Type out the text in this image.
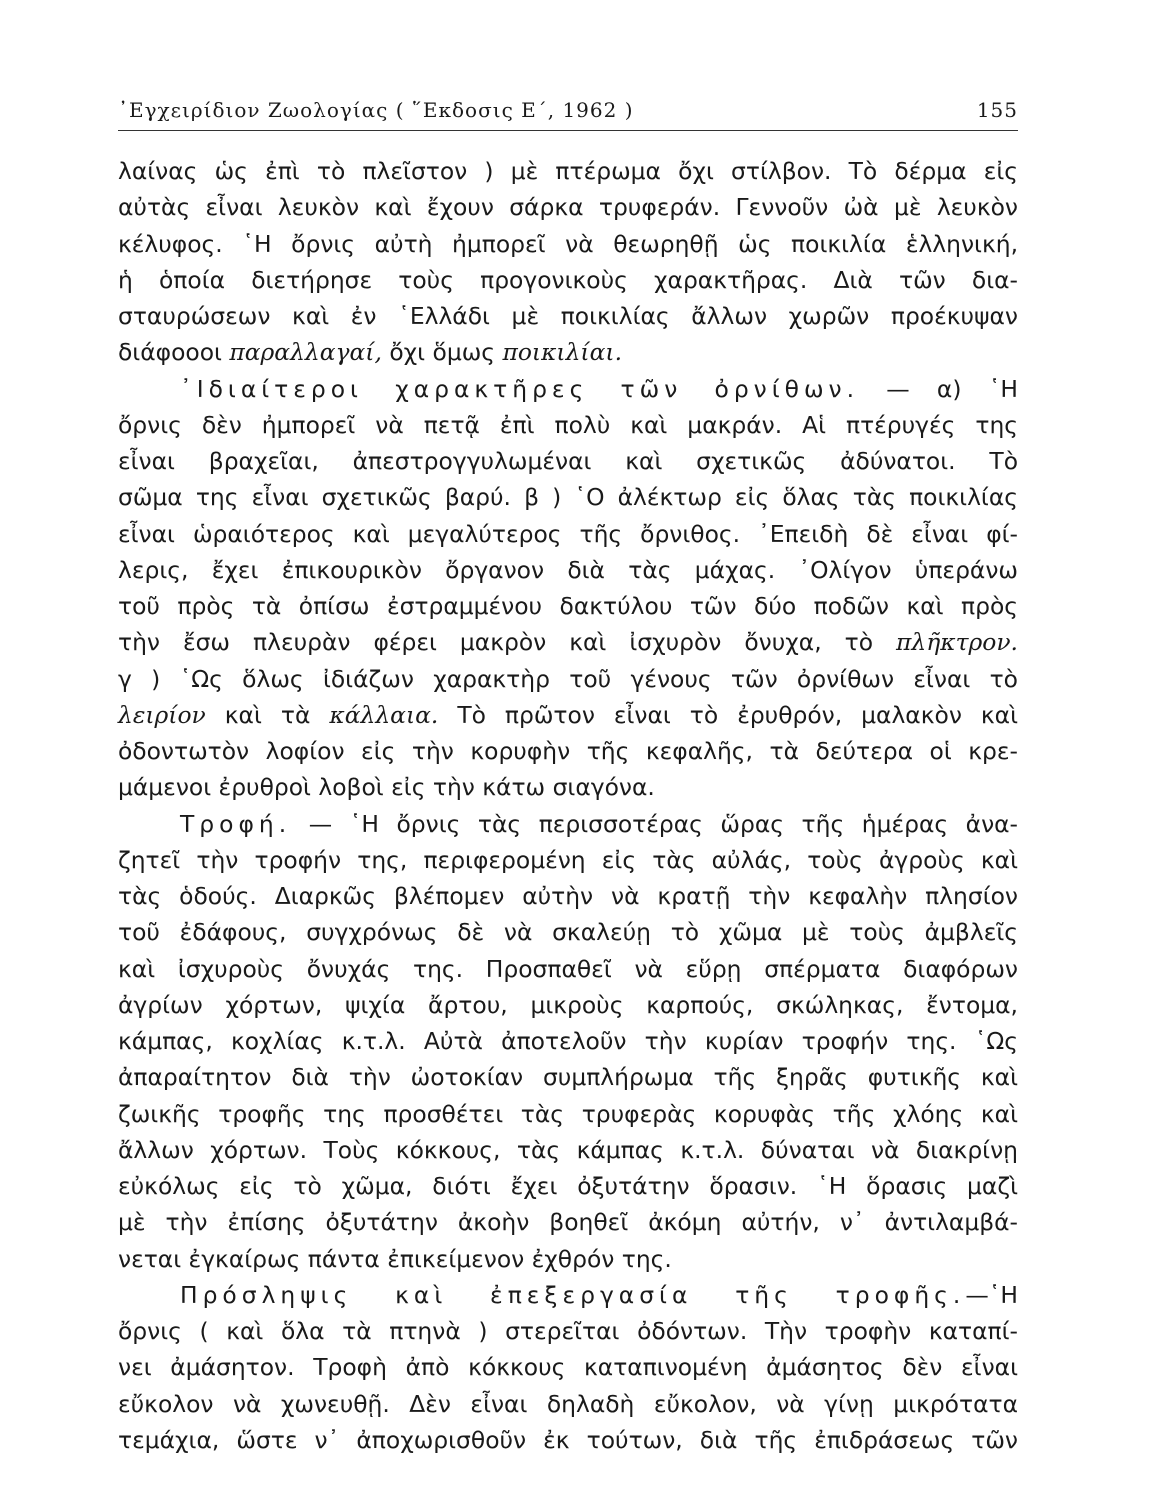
᾿Εγχειρίδιον Ζωολογίας ( ῞Εκδοσις Ε΄, 1962 )	155
λαίνας ὡς ἐπὶ τὸ πλεῖστον ) μὲ πτέρωμα ὄχι στίλβον. Τὸ δέρμα εἰς
αὐτὰς εἶναι λευκὸν καὶ ἔχουν σάρκα τρυφεράν. Γεννοῦν ὠὰ μὲ λευκὸν
κέλυφος. ῾Η ὄρνις αὐτὴ ἠμπορεῖ νὰ θεωρηθῇ ὡς ποικιλία ἑλληνική,
ἡ ὁποία διετήρησε τοὺς προγονικοὺς χαρακτῆρας. Διὰ τῶν δια-
σταυρώσεων καὶ ἐν ῾Ελλάδι μὲ ποικιλίας ἄλλων χωρῶν προέκυψαν
διάφοοοι παραλλαγαί, ὄχι ὅμως ποικιλίαι.
᾿Ιδιαίτεροι χαρακτῆρες τῶν ὀρνίθων. — α) ῾Η
ὄρνις δὲν ἠμπορεῖ νὰ πετᾷ ἐπὶ πολὺ καὶ μακράν. Αἱ πτέρυγές της
εἶναι βραχεῖαι, ἀπεστρογγυλωμέναι καὶ σχετικῶς ἀδύνατοι. Τὸ
σῶμα της εἶναι σχετικῶς βαρύ. β ) ῾Ο ἀλέκτωρ εἰς ὅλας τὰς ποικιλίας
εἶναι ὡραιότερος καὶ μεγαλύτερος τῆς ὄρνιθος. ᾿Επειδὴ δὲ εἶναι φί-
λερις, ἔχει ἐπικουρικὸν ὄργανον διὰ τὰς μάχας. ᾿Ολίγον ὑπεράνω
τοῦ πρὸς τὰ ὀπίσω ἐστραμμένου δακτύλου τῶν δύο ποδῶν καὶ πρὸς
τὴν ἔσω πλευρὰν φέρει μακρὸν καὶ ἰσχυρὸν ὄνυχα, τὸ πλῆκτρον.
γ ) ῾Ως ὅλως ἰδιάζων χαρακτὴρ τοῦ γένους τῶν ὀρνίθων εἶναι τὸ
λειρίον καὶ τὰ κάλλαια. Τὸ πρῶτον εἶναι τὸ ἐρυθρόν, μαλακὸν καὶ
ὀδοντωτὸν λοφίον εἰς τὴν κορυφὴν τῆς κεφαλῆς, τὰ δεύτερα οἱ κρε-
μάμενοι ἐρυθροὶ λοβοὶ εἰς τὴν κάτω σιαγόνα.
Τροφή. — ῾Η ὄρνις τὰς περισσοτέρας ὥρας τῆς ἡμέρας ἀνα-
ζητεῖ τὴν τροφήν της, περιφερομένη εἰς τὰς αὐλάς, τοὺς ἀγροὺς καὶ
τὰς ὁδούς. Διαρκῶς βλέπομεν αὐτὴν νὰ κρατῇ τὴν κεφαλὴν πλησίον
τοῦ ἐδάφους, συγχρόνως δὲ νὰ σκαλεύῃ τὸ χῶμα μὲ τοὺς ἀμβλεῖς
καὶ ἰσχυροὺς ὄνυχάς της. Προσπαθεῖ νὰ εὕρῃ σπέρματα διαφόρων
ἀγρίων χόρτων, ψιχία ἄρτου, μικροὺς καρπούς, σκώληκας, ἔντομα,
κάμπας, κοχλίας κ.τ.λ. Αὐτὰ ἀποτελοῦν τὴν κυρίαν τροφήν της. ῾Ως
ἀπαραίτητον διὰ τὴν ὠοτοκίαν συμπλήρωμα τῆς ξηρᾶς φυτικῆς καὶ
ζωικῆς τροφῆς της προσθέτει τὰς τρυφερὰς κορυφὰς τῆς χλόης καὶ
ἄλλων χόρτων. Τοὺς κόκκους, τὰς κάμπας κ.τ.λ. δύναται νὰ διακρίνῃ
εὐκόλως εἰς τὸ χῶμα, διότι ἔχει ὀξυτάτην ὅρασιν. ῾Η ὅρασις μαζὶ
μὲ τὴν ἐπίσης ὀξυτάτην ἀκοὴν βοηθεῖ ἀκόμη αὐτήν, ν᾿ ἀντιλαμβά-
νεται ἐγκαίρως πάντα ἐπικείμενον ἐχθρόν της.
Πρόσληψις καὶ ἐπεξεργασία τῆς τροφῆς.—῾Η
ὄρνις ( καὶ ὅλα τὰ πτηνὰ ) στερεῖται ὀδόντων. Τὴν τροφὴν καταπί-
νει ἀμάσητον. Τροφὴ ἀπὸ κόκκους καταπινομένη ἀμάσητος δὲν εἶναι
εὔκολον νὰ χωνευθῇ. Δὲν εἶναι δηλαδὴ εὔκολον, νὰ γίνῃ μικρότατα
τεμάχια, ὥστε ν᾿ ἀποχωρισθοῦν ἐκ τούτων, διὰ τῆς ἐπιδράσεως τῶν
